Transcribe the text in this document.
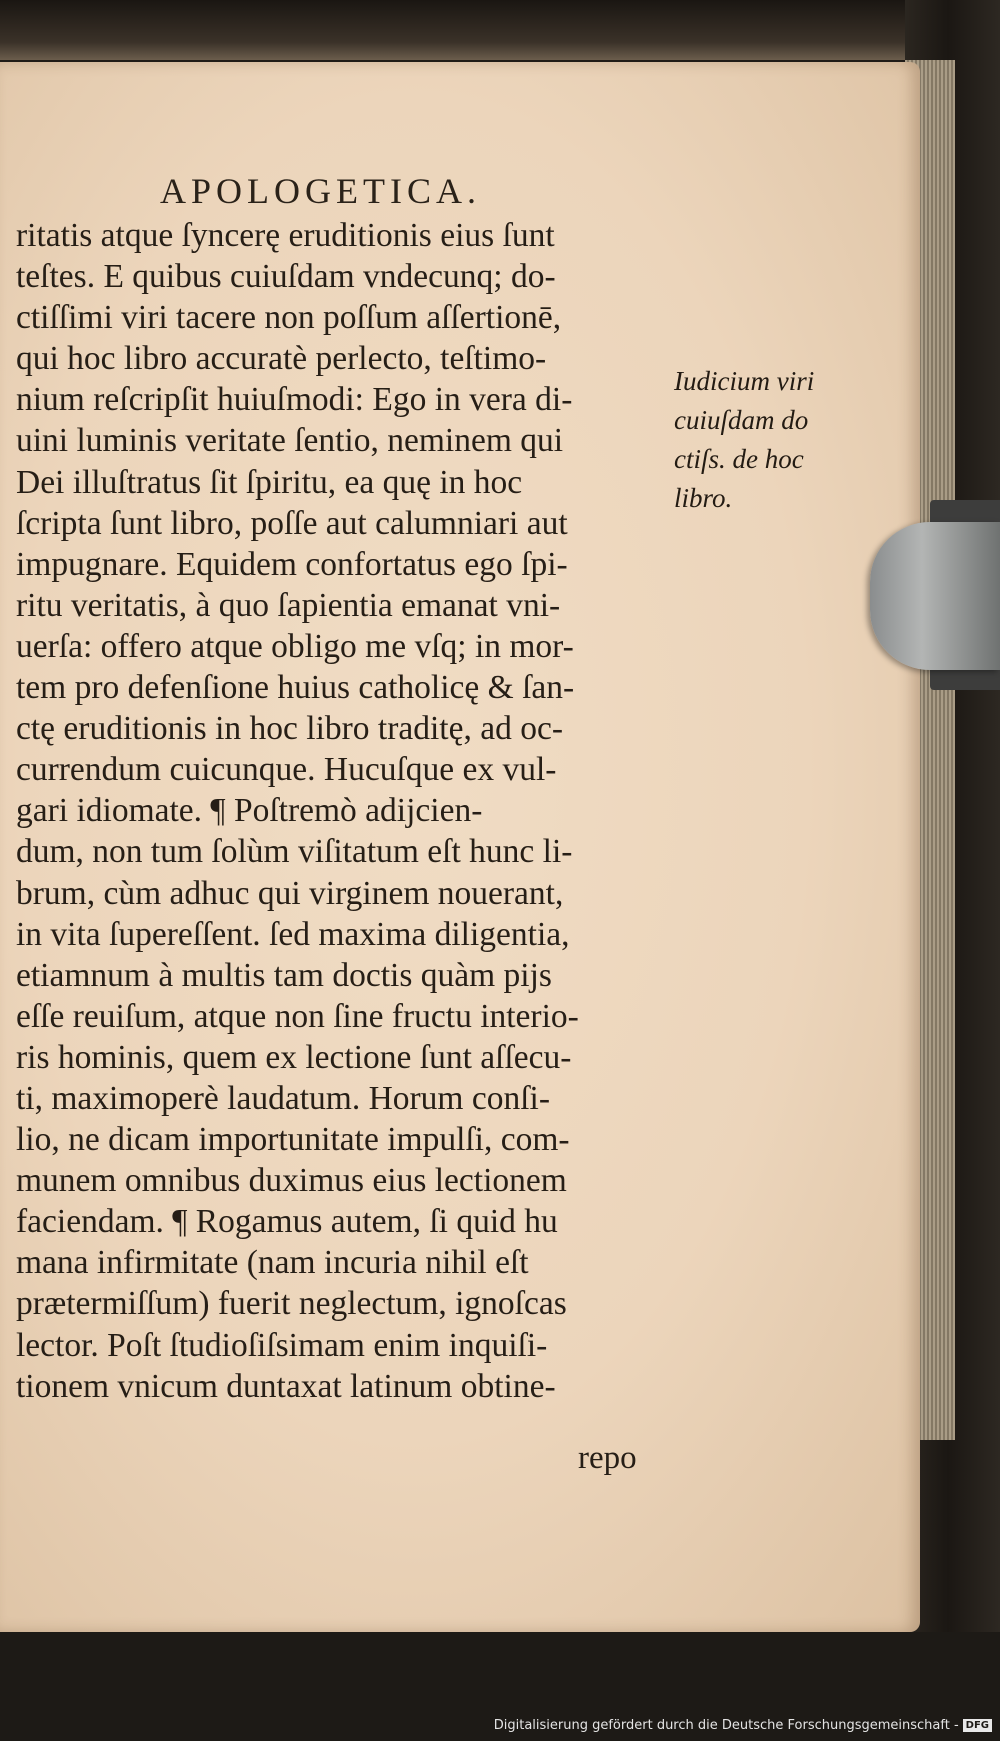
APOLOGETICA.
ritatis atque ſyncerę eruditionis eius ſunt
teſtes. E quibus cuiuſdam vndecunq; do-
ctiſſimi viri tacere non poſſum aſſertionē,
qui hoc libro accuratè perlecto, teſtimo-
nium reſcripſit huiuſmodi: Ego in vera di-
uini luminis veritate ſentio, neminem qui
Dei illuſtratus ſit ſpiritu, ea quę in hoc
ſcripta ſunt libro, poſſe aut calumniari aut
impugnare. Equidem confortatus ego ſpi-
ritu veritatis, à quo ſapientia emanat vni-
uerſa: offero atque obligo me vſq; in mor-
tem pro defenſione huius catholicę & ſan-
ctę eruditionis in hoc libro traditę, ad oc-
currendum cuicunque. Hucuſque ex vul-
gari idiomate. ¶ Poſtremò adijcien-
dum, non tum ſolùm viſitatum eſt hunc li-
brum, cùm adhuc qui virginem nouerant,
in vita ſupereſſent. ſed maxima diligentia,
etiamnum à multis tam doctis quàm pijs
eſſe reuiſum, atque non ſine fructu interio-
ris hominis, quem ex lectione ſunt aſſecu-
ti, maximoperè laudatum. Horum conſi-
lio, ne dicam importunitate impulſi, com-
munem omnibus duximus eius lectionem
faciendam. ¶ Rogamus autem, ſi quid hu
mana infirmitate (nam incuria nihil eſt
prætermiſſum) fuerit neglectum, ignoſcas
lector. Poſt ſtudioſiſsimam enim inquiſi-
tionem vnicum duntaxat latinum obtine-
Iudicium viri
cuiuſdam do
ctiſs. de hoc
libro.
repo
Digitalisierung gefördert durch die Deutsche Forschungsgemeinschaft - DFG
